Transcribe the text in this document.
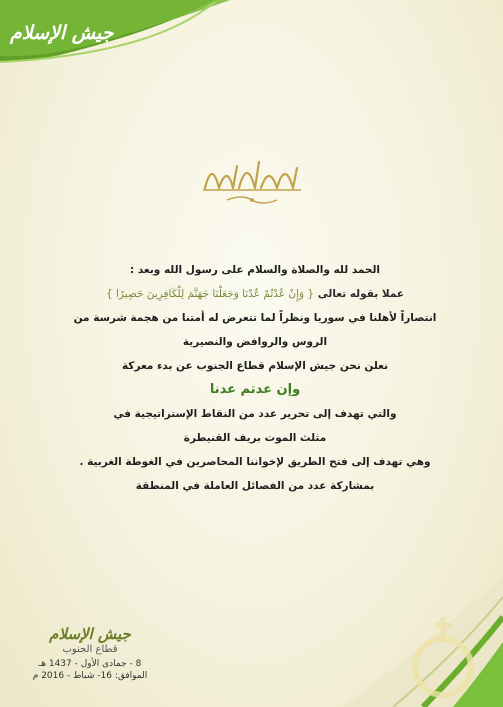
جيش الإسلام
الحمد لله والصلاة والسلام على رسول الله وبعد :
عملا بقوله تعالى { وَإِنْ عُدْتُمْ عُدْنَا وَجَعَلْنَا جَهَنَّمَ لِلْكَافِرِينَ حَصِيرًا }
انتصاراً لأهلنا في سوريا ونظراً لما تتعرض له أمتنا من هجمة شرسة من
الروس والروافض والنصيرية
نعلن نحن جيش الإسلام قطاع الجنوب عن بدء معركة
وإن عدتم عدنا
والتي تهدف إلى تحرير عدد من النقاط الإستراتيجية في
مثلث الموت بريف القنيطرة
وهي تهدف إلى فتح الطريق لإخواننا المحاصرين في الغوطة الغربية .
بمشاركة عدد من الفصائل العاملة في المنطقة
جيش الإسلام
قطاع الجنوب
8 - جمادى الأول - 1437 هـ
الموافق: 16- شباط - 2016 م
